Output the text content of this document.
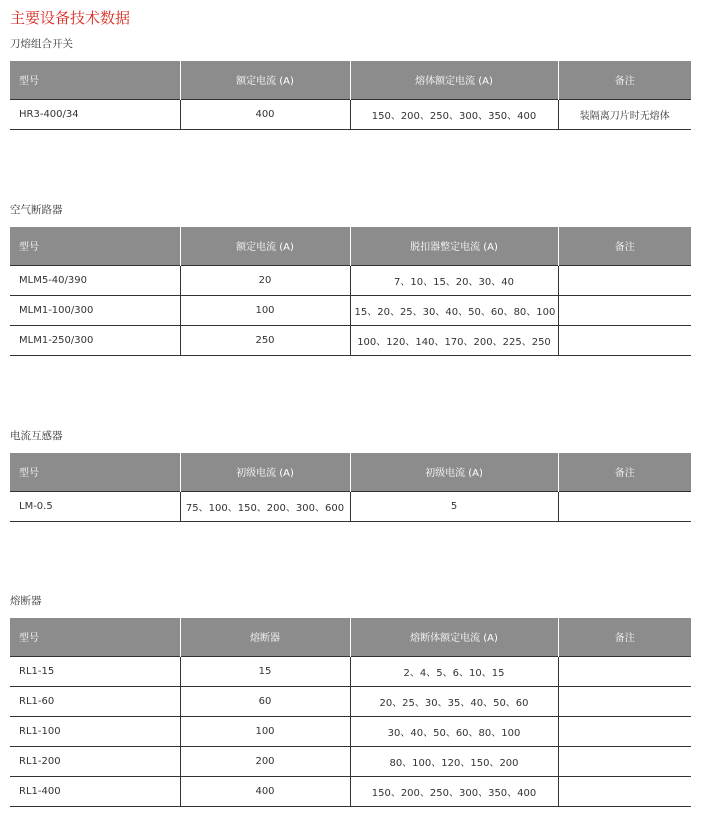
主要设备技术数据
刀熔组合开关
型号	额定电流 (A)	熔体额定电流 (A)	备注
HR3-400/34	400	150、200、250、300、350、400	装隔离刀片时无熔体
空气断路器
型号	额定电流 (A)	脱扣器整定电流 (A)	备注
MLM5-40/390	20	7、10、15、20、30、40	
MLM1-100/300	100	15、20、25、30、40、50、60、80、100	
MLM1-250/300	250	100、120、140、170、200、225、250	
电流互感器
型号	初级电流 (A)	初级电流 (A)	备注
LM-0.5	75、100、150、200、300、600	5	
熔断器
型号	熔断器	熔断体额定电流 (A)	备注
RL1-15	15	2、4、5、6、10、15	
RL1-60	60	20、25、30、35、40、50、60	
RL1-100	100	30、40、50、60、80、100	
RL1-200	200	80、100、120、150、200	
RL1-400	400	150、200、250、300、350、400	
